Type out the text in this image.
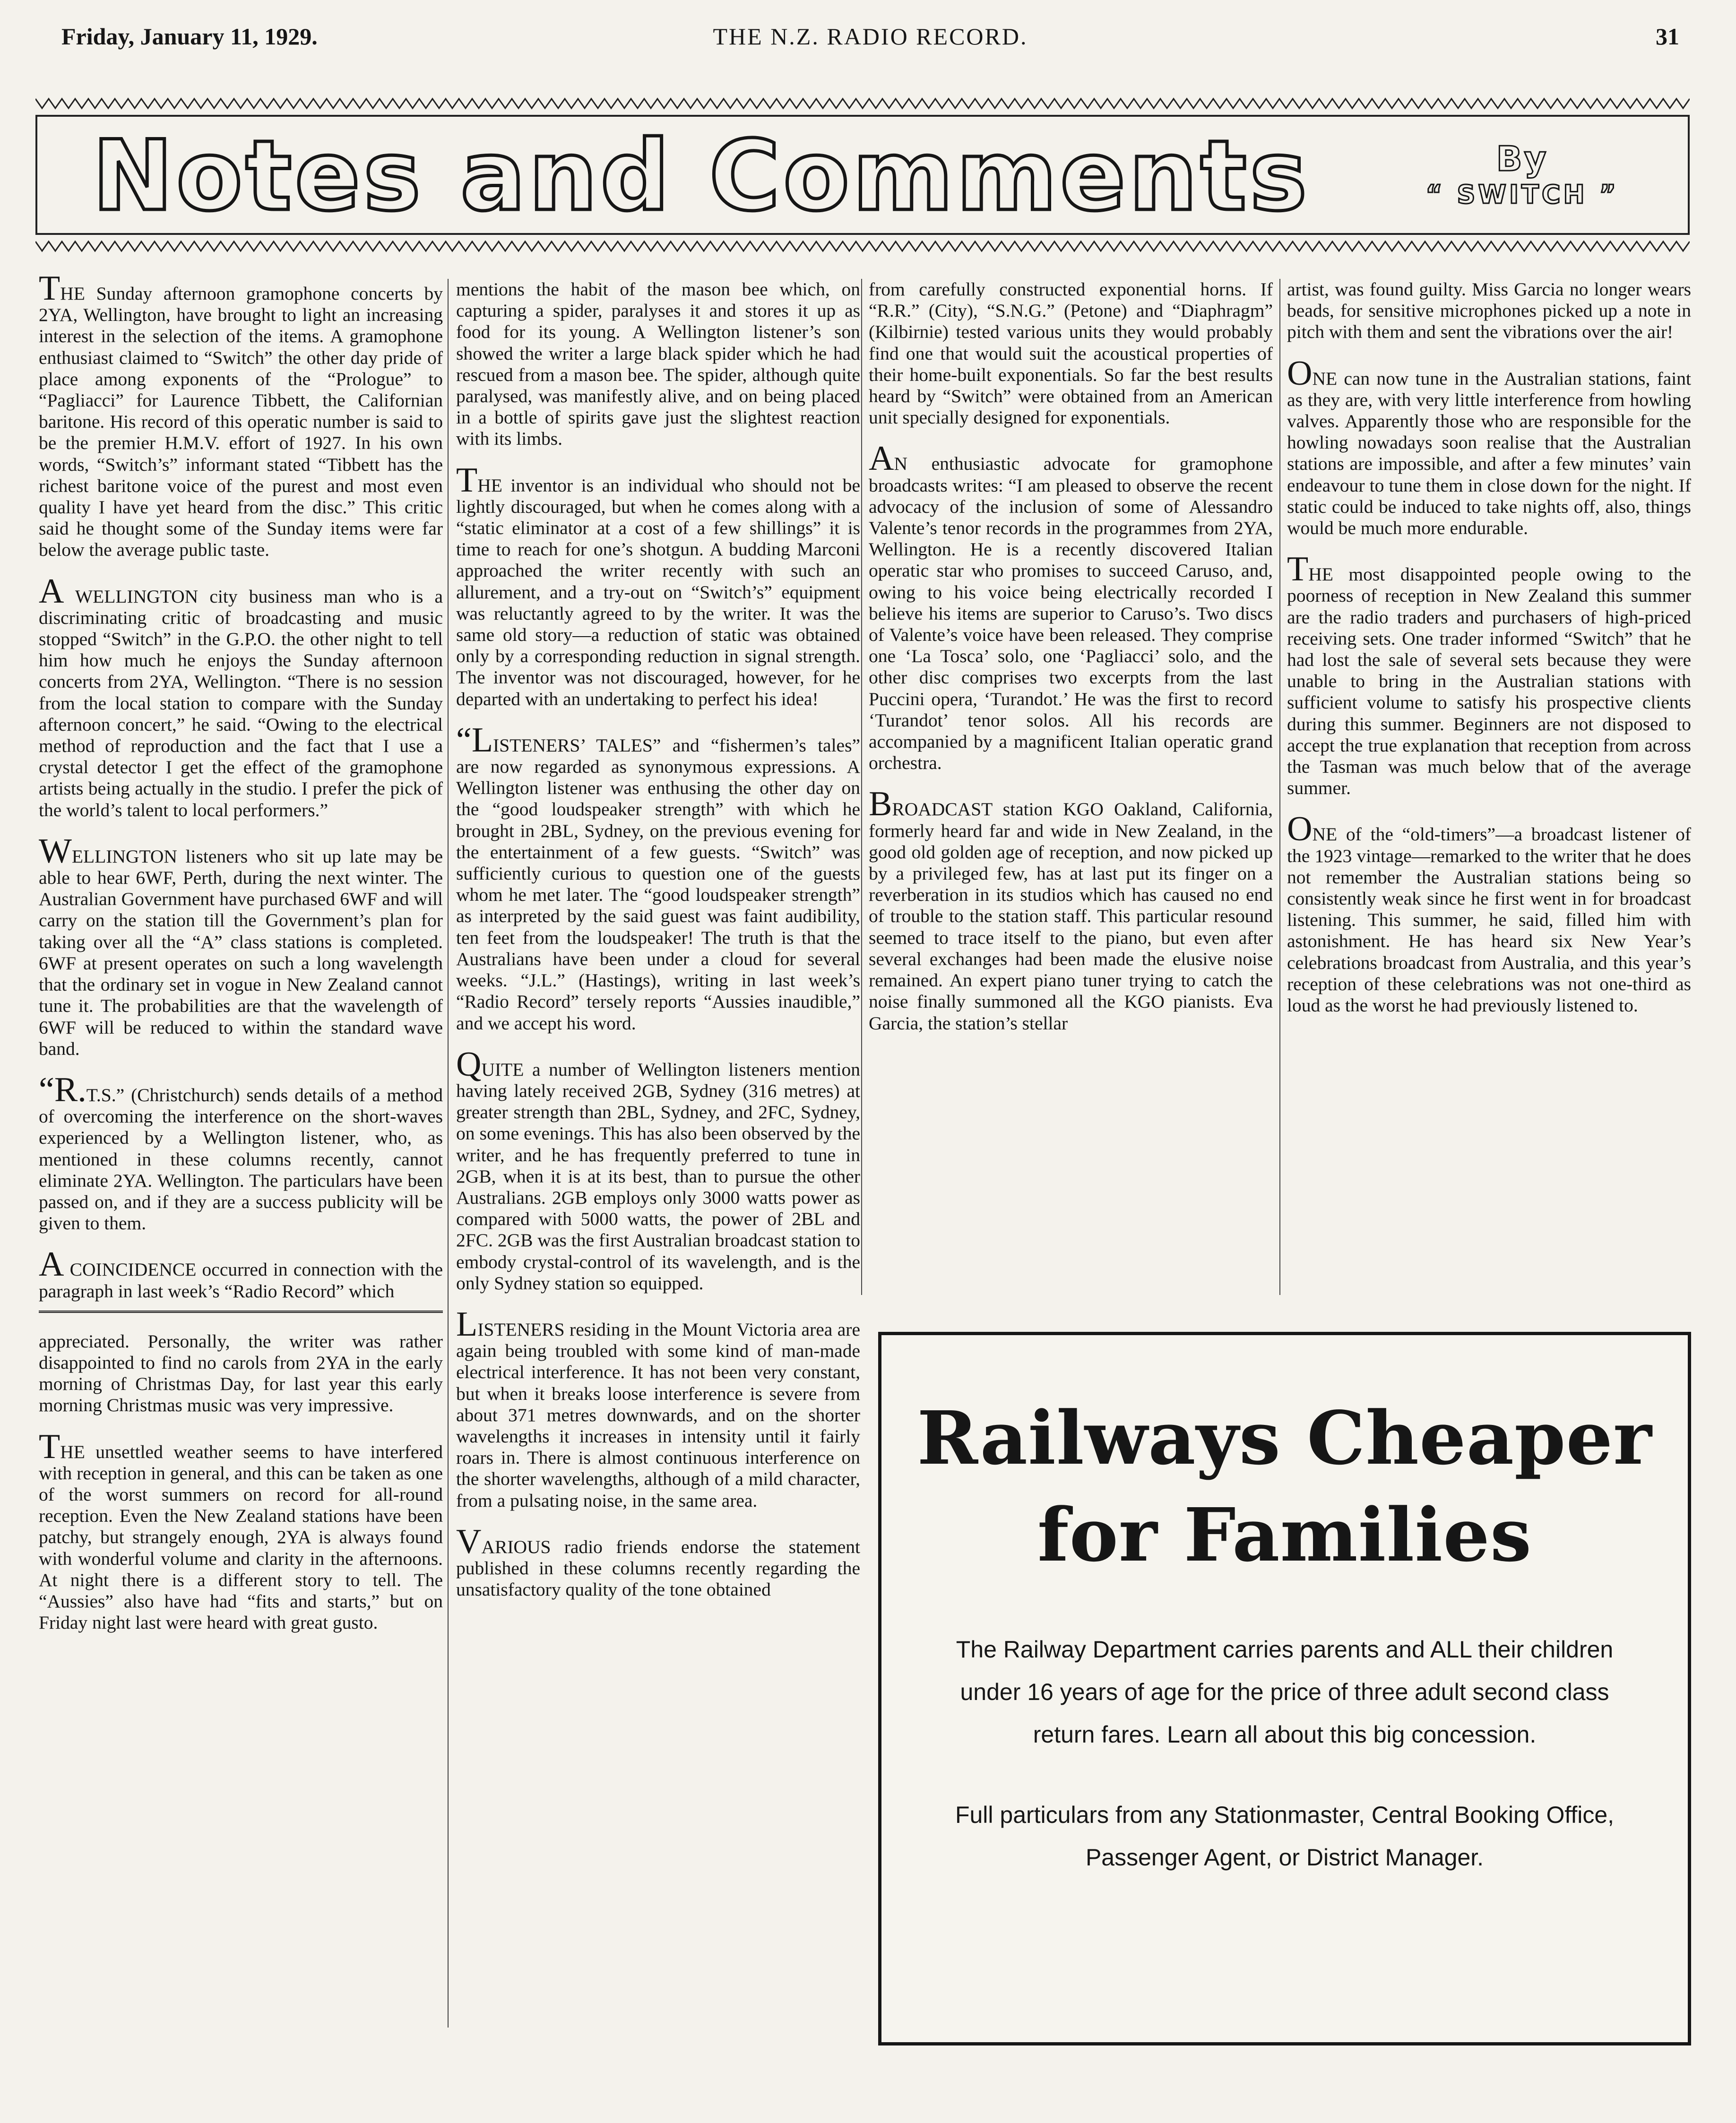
Friday, January 11, 1929.	THE N.Z. RADIO RECORD.	31
Notes and Comments	By
“ SWITCH ”

THE Sunday afternoon gramophone concerts by 2YA, Wellington, have brought to light an increasing interest in the selection of the items. A gramophone enthusiast claimed to “Switch” the other day pride of place among exponents of the “Prologue” to “Pagliacci” for Laurence Tibbett, the Californian baritone. His record of this operatic number is said to be the premier H.M.V. effort of 1927. In his own words, “Switch’s” informant stated “Tibbett has the richest baritone voice of the purest and most even quality I have yet heard from the disc.” This critic said he thought some of the Sunday items were far below the average public taste.

A WELLINGTON city business man who is a discriminating critic of broadcasting and music stopped “Switch” in the G.P.O. the other night to tell him how much he enjoys the Sunday afternoon concerts from 2YA, Wellington. “There is no session from the local station to compare with the Sunday afternoon concert,” he said. “Owing to the electrical method of reproduction and the fact that I use a crystal detector I get the effect of the gramophone artists being actually in the studio. I prefer the pick of the world’s talent to local performers.”

WELLINGTON listeners who sit up late may be able to hear 6WF, Perth, during the next winter. The Australian Government have purchased 6WF and will carry on the station till the Government’s plan for taking over all the “A” class stations is completed. 6WF at present operates on such a long wavelength that the ordinary set in vogue in New Zealand cannot tune it. The probabilities are that the wavelength of 6WF will be reduced to within the standard wave band.

“R.T.S.” (Christchurch) sends details of a method of overcoming the interference on the short-waves experienced by a Wellington listener, who, as mentioned in these columns recently, cannot eliminate 2YA. Wellington. The particulars have been passed on, and if they are a success publicity will be given to them.

A COINCIDENCE occurred in connection with the paragraph in last week’s “Radio Record” which

appreciated. Personally, the writer was rather disappointed to find no carols from 2YA in the early morning of Christmas Day, for last year this early morning Christmas music was very impressive.

THE unsettled weather seems to have interfered with reception in general, and this can be taken as one of the worst summers on record for all-round reception. Even the New Zealand stations have been patchy, but strangely enough, 2YA is always found with wonderful volume and clarity in the afternoons. At night there is a different story to tell. The “Aussies” also have had “fits and starts,” but on Friday night last were heard with great gusto.

mentions the habit of the mason bee which, on capturing a spider, paralyses it and stores it up as food for its young. A Wellington listener’s son showed the writer a large black spider which he had rescued from a mason bee. The spider, although quite paralysed, was manifestly alive, and on being placed in a bottle of spirits gave just the slightest reaction with its limbs.

THE inventor is an individual who should not be lightly discouraged, but when he comes along with a “static eliminator at a cost of a few shillings” it is time to reach for one’s shotgun. A budding Marconi approached the writer recently with such an allurement, and a try-out on “Switch’s” equipment was reluctantly agreed to by the writer. It was the same old story—a reduction of static was obtained only by a corresponding reduction in signal strength. The inventor was not discouraged, however, for he departed with an undertaking to perfect his idea!

“LISTENERS’ TALES” and “fishermen’s tales” are now regarded as synonymous expressions. A Wellington listener was enthusing the other day on the “good loudspeaker strength” with which he brought in 2BL, Sydney, on the previous evening for the entertainment of a few guests. “Switch” was sufficiently curious to question one of the guests whom he met later. The “good loudspeaker strength” as interpreted by the said guest was faint audibility, ten feet from the loudspeaker! The truth is that the Australians have been under a cloud for several weeks. “J.L.” (Hastings), writing in last week’s “Radio Record” tersely reports “Aussies inaudible,” and we accept his word.

QUITE a number of Wellington listeners mention having lately received 2GB, Sydney (316 metres) at greater strength than 2BL, Sydney, and 2FC, Sydney, on some evenings. This has also been observed by the writer, and he has frequently preferred to tune in 2GB, when it is at its best, than to pursue the other Australians. 2GB employs only 3000 watts power as compared with 5000 watts, the power of 2BL and 2FC. 2GB was the first Australian broadcast station to embody crystal-control of its wavelength, and is the only Sydney station so equipped.

LISTENERS residing in the Mount Victoria area are again being troubled with some kind of man-made electrical interference. It has not been very constant, but when it breaks loose interference is severe from about 371 metres downwards, and on the shorter wavelengths it increases in intensity until it fairly roars in. There is almost continuous interference on the shorter wavelengths, although of a mild character, from a pulsating noise, in the same area.

VARIOUS radio friends endorse the statement published in these columns recently regarding the unsatisfactory quality of the tone obtained

from carefully constructed exponential horns. If “R.R.” (City), “S.N.G.” (Petone) and “Diaphragm” (Kilbirnie) tested various units they would probably find one that would suit the acoustical properties of their home-built exponentials. So far the best results heard by “Switch” were obtained from an American unit specially designed for exponentials.

AN enthusiastic advocate for gramophone broadcasts writes: “I am pleased to observe the recent advocacy of the inclusion of some of Alessandro Valente’s tenor records in the programmes from 2YA, Wellington. He is a recently discovered Italian operatic star who promises to succeed Caruso, and, owing to his voice being electrically recorded I believe his items are superior to Caruso’s. Two discs of Valente’s voice have been released. They comprise one ‘La Tosca’ solo, one ‘Pagliacci’ solo, and the other disc comprises two excerpts from the last Puccini opera, ‘Turandot.’ He was the first to record ‘Turandot’ tenor solos. All his records are accompanied by a magnificent Italian operatic grand orchestra.

BROADCAST station KGO Oakland, California, formerly heard far and wide in New Zealand, in the good old golden age of reception, and now picked up by a privileged few, has at last put its finger on a reverberation in its studios which has caused no end of trouble to the station staff. This particular resound seemed to trace itself to the piano, but even after several exchanges had been made the elusive noise remained. An expert piano tuner trying to catch the noise finally summoned all the KGO pianists. Eva Garcia, the station’s stellar

artist, was found guilty. Miss Garcia no longer wears beads, for sensitive microphones picked up a note in pitch with them and sent the vibrations over the air!

ONE can now tune in the Australian stations, faint as they are, with very little interference from howling valves. Apparently those who are responsible for the howling nowadays soon realise that the Australian stations are impossible, and after a few minutes’ vain endeavour to tune them in close down for the night. If static could be induced to take nights off, also, things would be much more endurable.

THE most disappointed people owing to the poorness of reception in New Zealand this summer are the radio traders and purchasers of high-priced receiving sets. One trader informed “Switch” that he had lost the sale of several sets because they were unable to bring in the Australian stations with sufficient volume to satisfy his prospective clients during this summer. Beginners are not disposed to accept the true explanation that reception from across the Tasman was much below that of the average summer.

ONE of the “old-timers”—a broadcast listener of the 1923 vintage—remarked to the writer that he does not remember the Australian stations being so consistently weak since he first went in for broadcast listening. This summer, he said, filled him with astonishment. He has heard six New Year’s celebrations broadcast from Australia, and this year’s reception of these celebrations was not one-third as loud as the worst he had previously listened to.

Railways Cheaper
for Families
The Railway Department carries parents and ALL their children under 16 years of age for the price of three adult second class return fares. Learn all about this big concession.
Full particulars from any Stationmaster, Central Booking Office, Passenger Agent, or District Manager.
